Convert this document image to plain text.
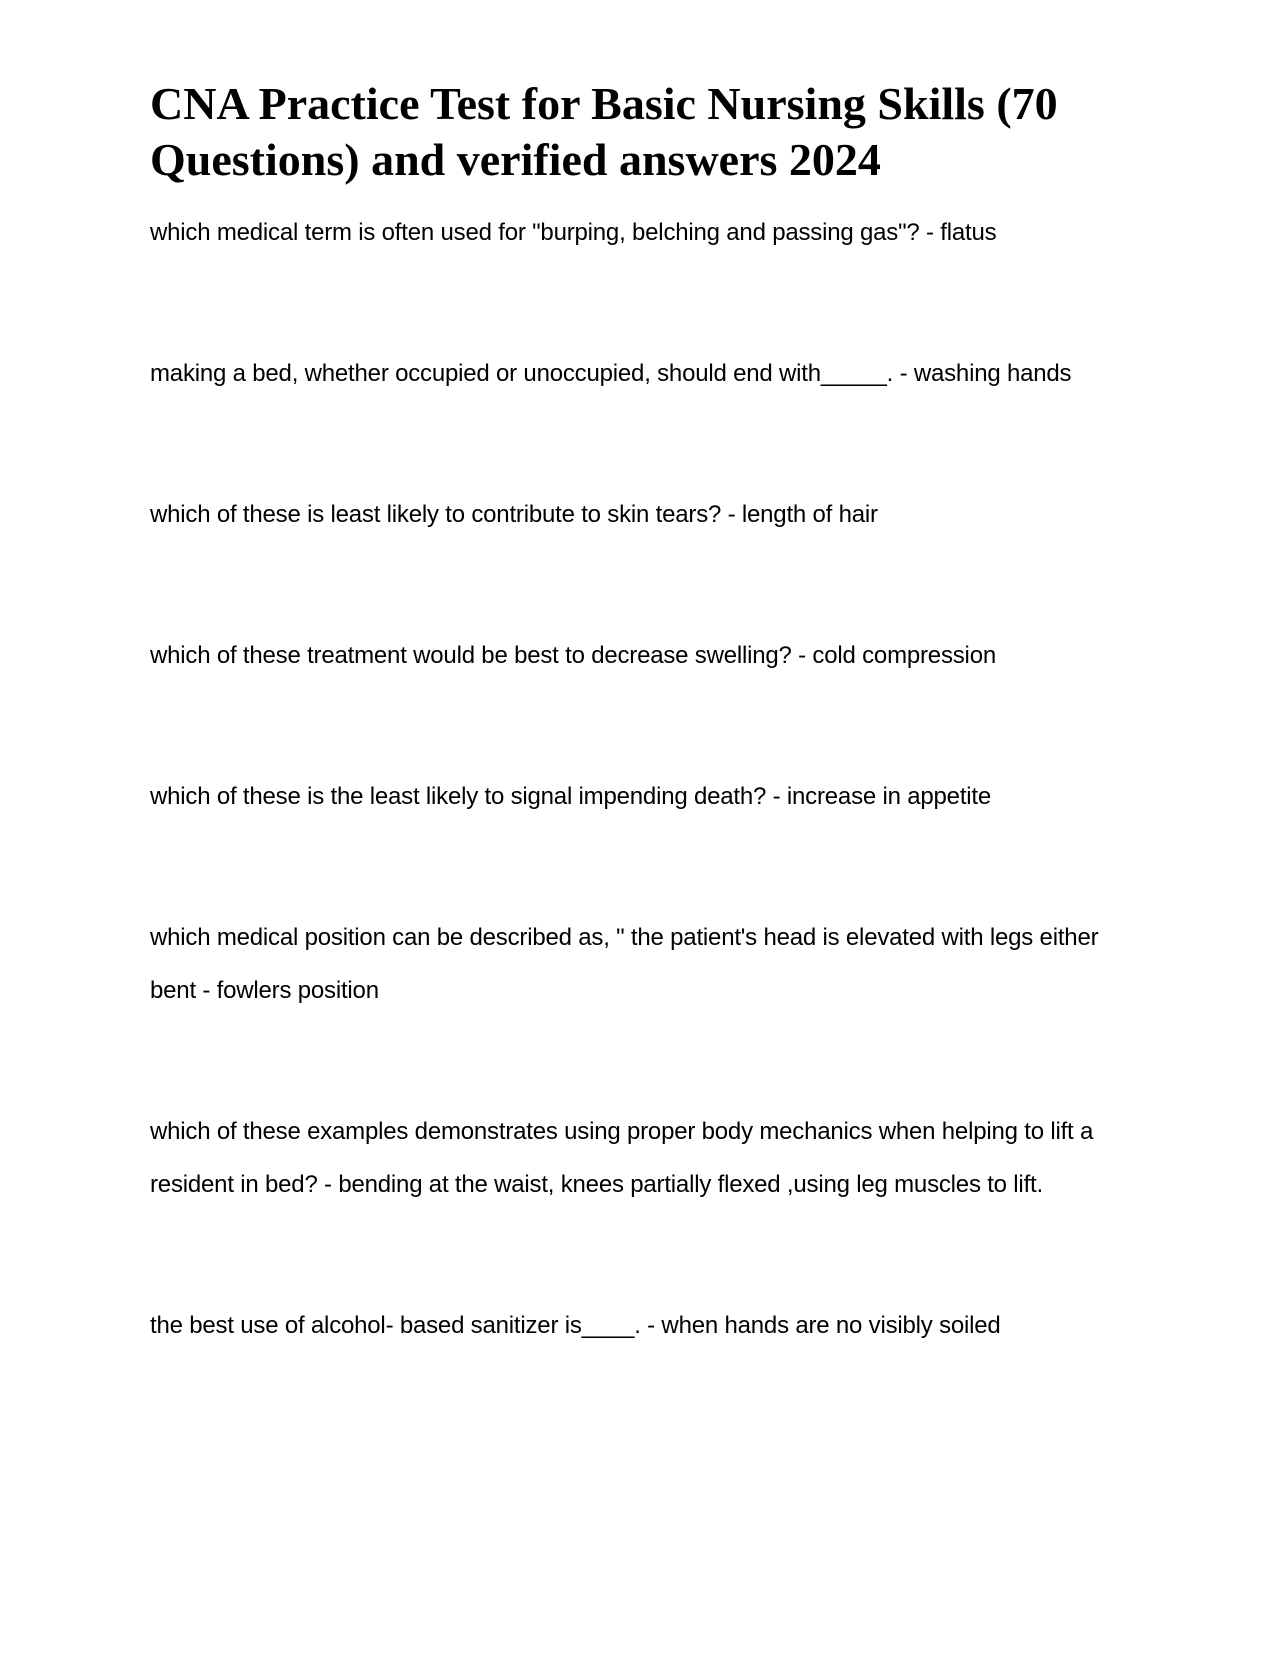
CNA Practice Test for Basic Nursing Skills (70 Questions) and verified answers 2024

which medical term is often used for "burping, belching and passing gas"? - flatus

making a bed, whether occupied or unoccupied, should end with_____. - washing hands

which of these is least likely to contribute to skin tears? - length of hair

which of these treatment would be best to decrease swelling? - cold compression

which of these is the least likely to signal impending death? - increase in appetite

which medical position can be described as, " the patient's head is elevated with legs either bent - fowlers position

which of these examples demonstrates using proper body mechanics when helping to lift a resident in bed? - bending at the waist, knees partially flexed ,using leg muscles to lift.

the best use of alcohol- based sanitizer is____. - when hands are no visibly soiled
